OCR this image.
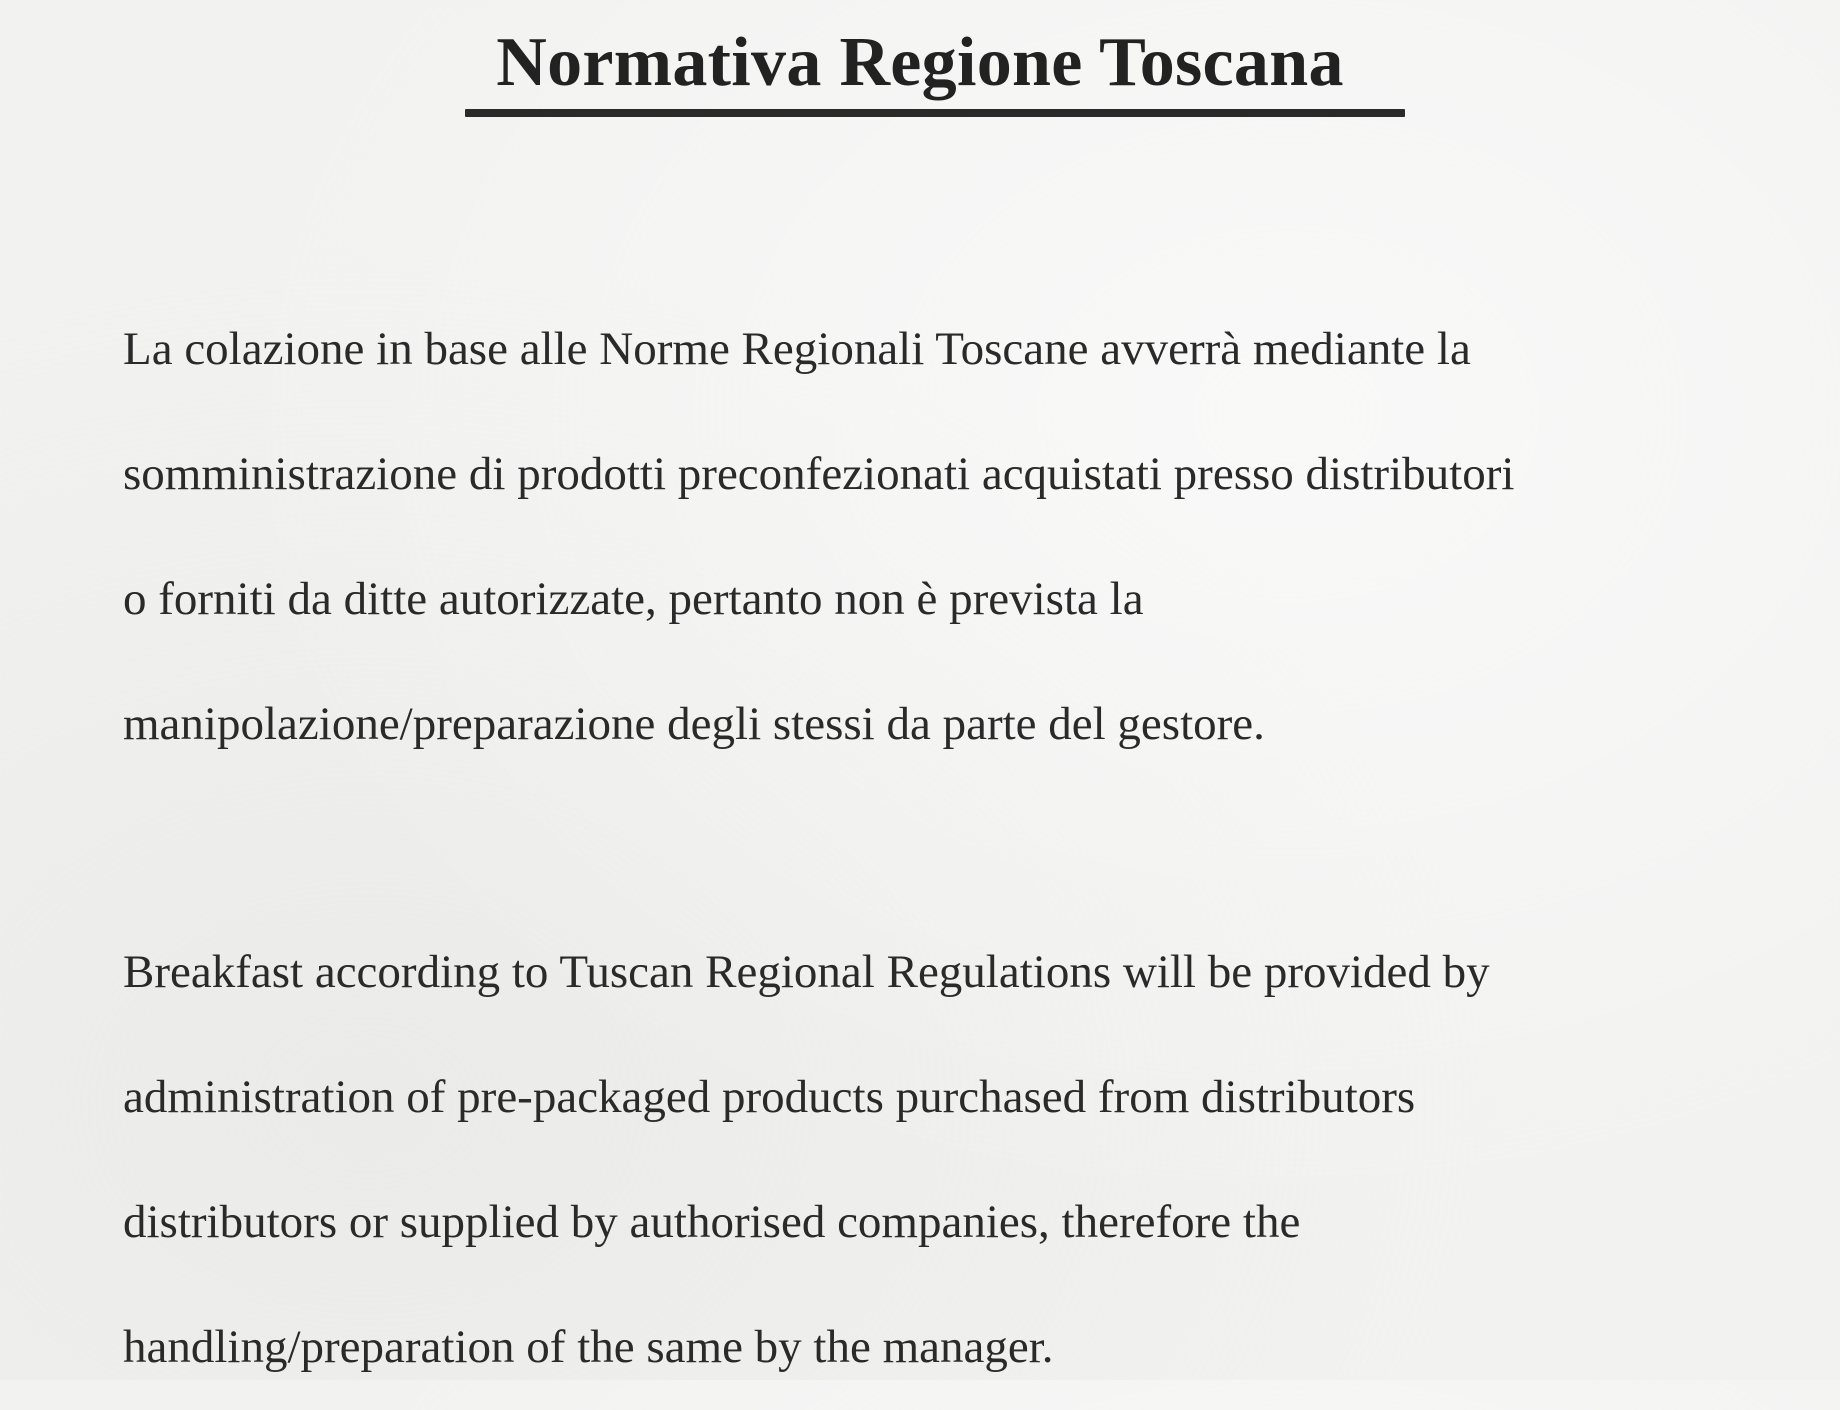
Normativa Regione Toscana
La colazione in base alle Norme Regionali Toscane avverrà mediante la
somministrazione di prodotti preconfezionati acquistati presso distributori
o forniti da ditte autorizzate, pertanto non è prevista la
manipolazione/preparazione degli stessi da parte del gestore.
Breakfast according to Tuscan Regional Regulations will be provided by
administration of pre-packaged products purchased from distributors
distributors or supplied by authorised companies, therefore the
handling/preparation of the same by the manager.
